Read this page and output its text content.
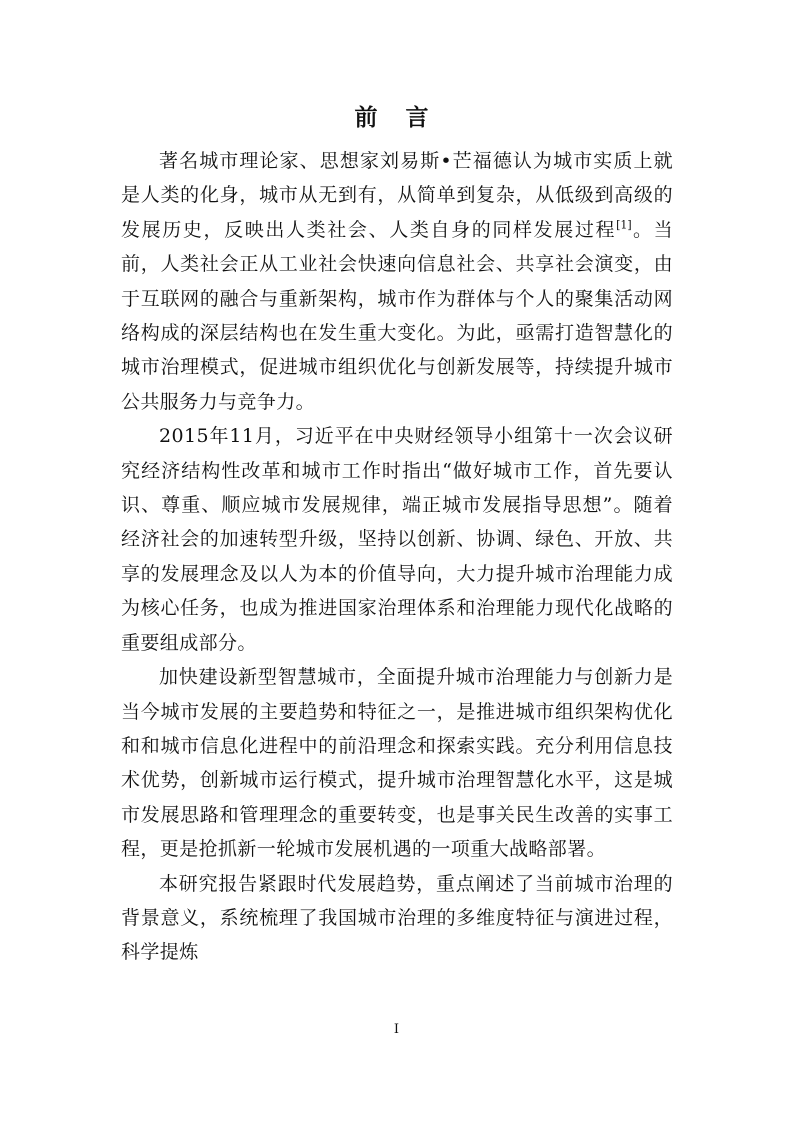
前 言

著名城市理论家、思想家刘易斯•芒福德认为城市实质上就是人类的化身，城市从无到有，从简单到复杂，从低级到高级的发展历史，反映出人类社会、人类自身的同样发展过程[1]。当前，人类社会正从工业社会快速向信息社会、共享社会演变，由于互联网的融合与重新架构，城市作为群体与个人的聚集活动网络构成的深层结构也在发生重大变化。为此，亟需打造智慧化的城市治理模式，促进城市组织优化与创新发展等，持续提升城市公共服务力与竞争力。

2015年11月，习近平在中央财经领导小组第十一次会议研究经济结构性改革和城市工作时指出“做好城市工作，首先要认识、尊重、顺应城市发展规律，端正城市发展指导思想”。随着经济社会的加速转型升级，坚持以创新、协调、绿色、开放、共享的发展理念及以人为本的价值导向，大力提升城市治理能力成为核心任务，也成为推进国家治理体系和治理能力现代化战略的重要组成部分。

加快建设新型智慧城市，全面提升城市治理能力与创新力是当今城市发展的主要趋势和特征之一，是推进城市组织架构优化和和城市信息化进程中的前沿理念和探索实践。充分利用信息技术优势，创新城市运行模式，提升城市治理智慧化水平，这是城市发展思路和管理理念的重要转变，也是事关民生改善的实事工程，更是抢抓新一轮城市发展机遇的一项重大战略部署。

本研究报告紧跟时代发展趋势，重点阐述了当前城市治理的背景意义，系统梳理了我国城市治理的多维度特征与演进过程，科学提炼

I
